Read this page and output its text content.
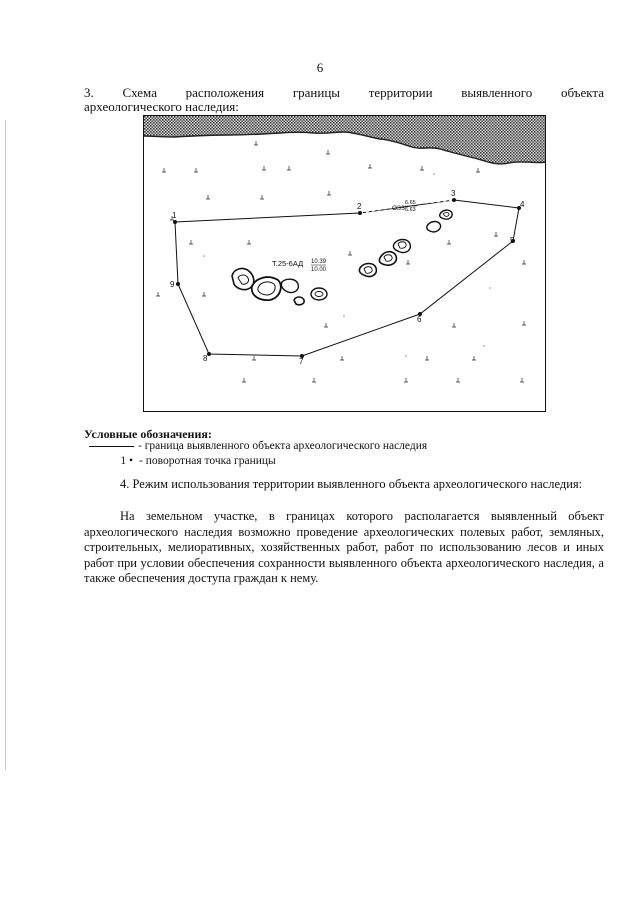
6
3. Схема расположения границы территории выявленного объекта
археологического наследия:
1
2
3
4
5
6
7
8
9
Т.25-6АД 10.39
10.00
ОЗЗ
6.65
6.63
Условные обозначения:
- граница выявленного объекта археологического наследия
1 • - поворотная точка границы
4. Режим использования территории выявленного объекта археологического наследия:
На земельном участке, в границах которого располагается выявленный объект археологического наследия возможно проведение археологических полевых работ, земляных, строительных, мелиоративных, хозяйственных работ, работ по использованию лесов и иных работ при условии обеспечения сохранности выявленного объекта археологического наследия, а также обеспечения доступа граждан к нему.
